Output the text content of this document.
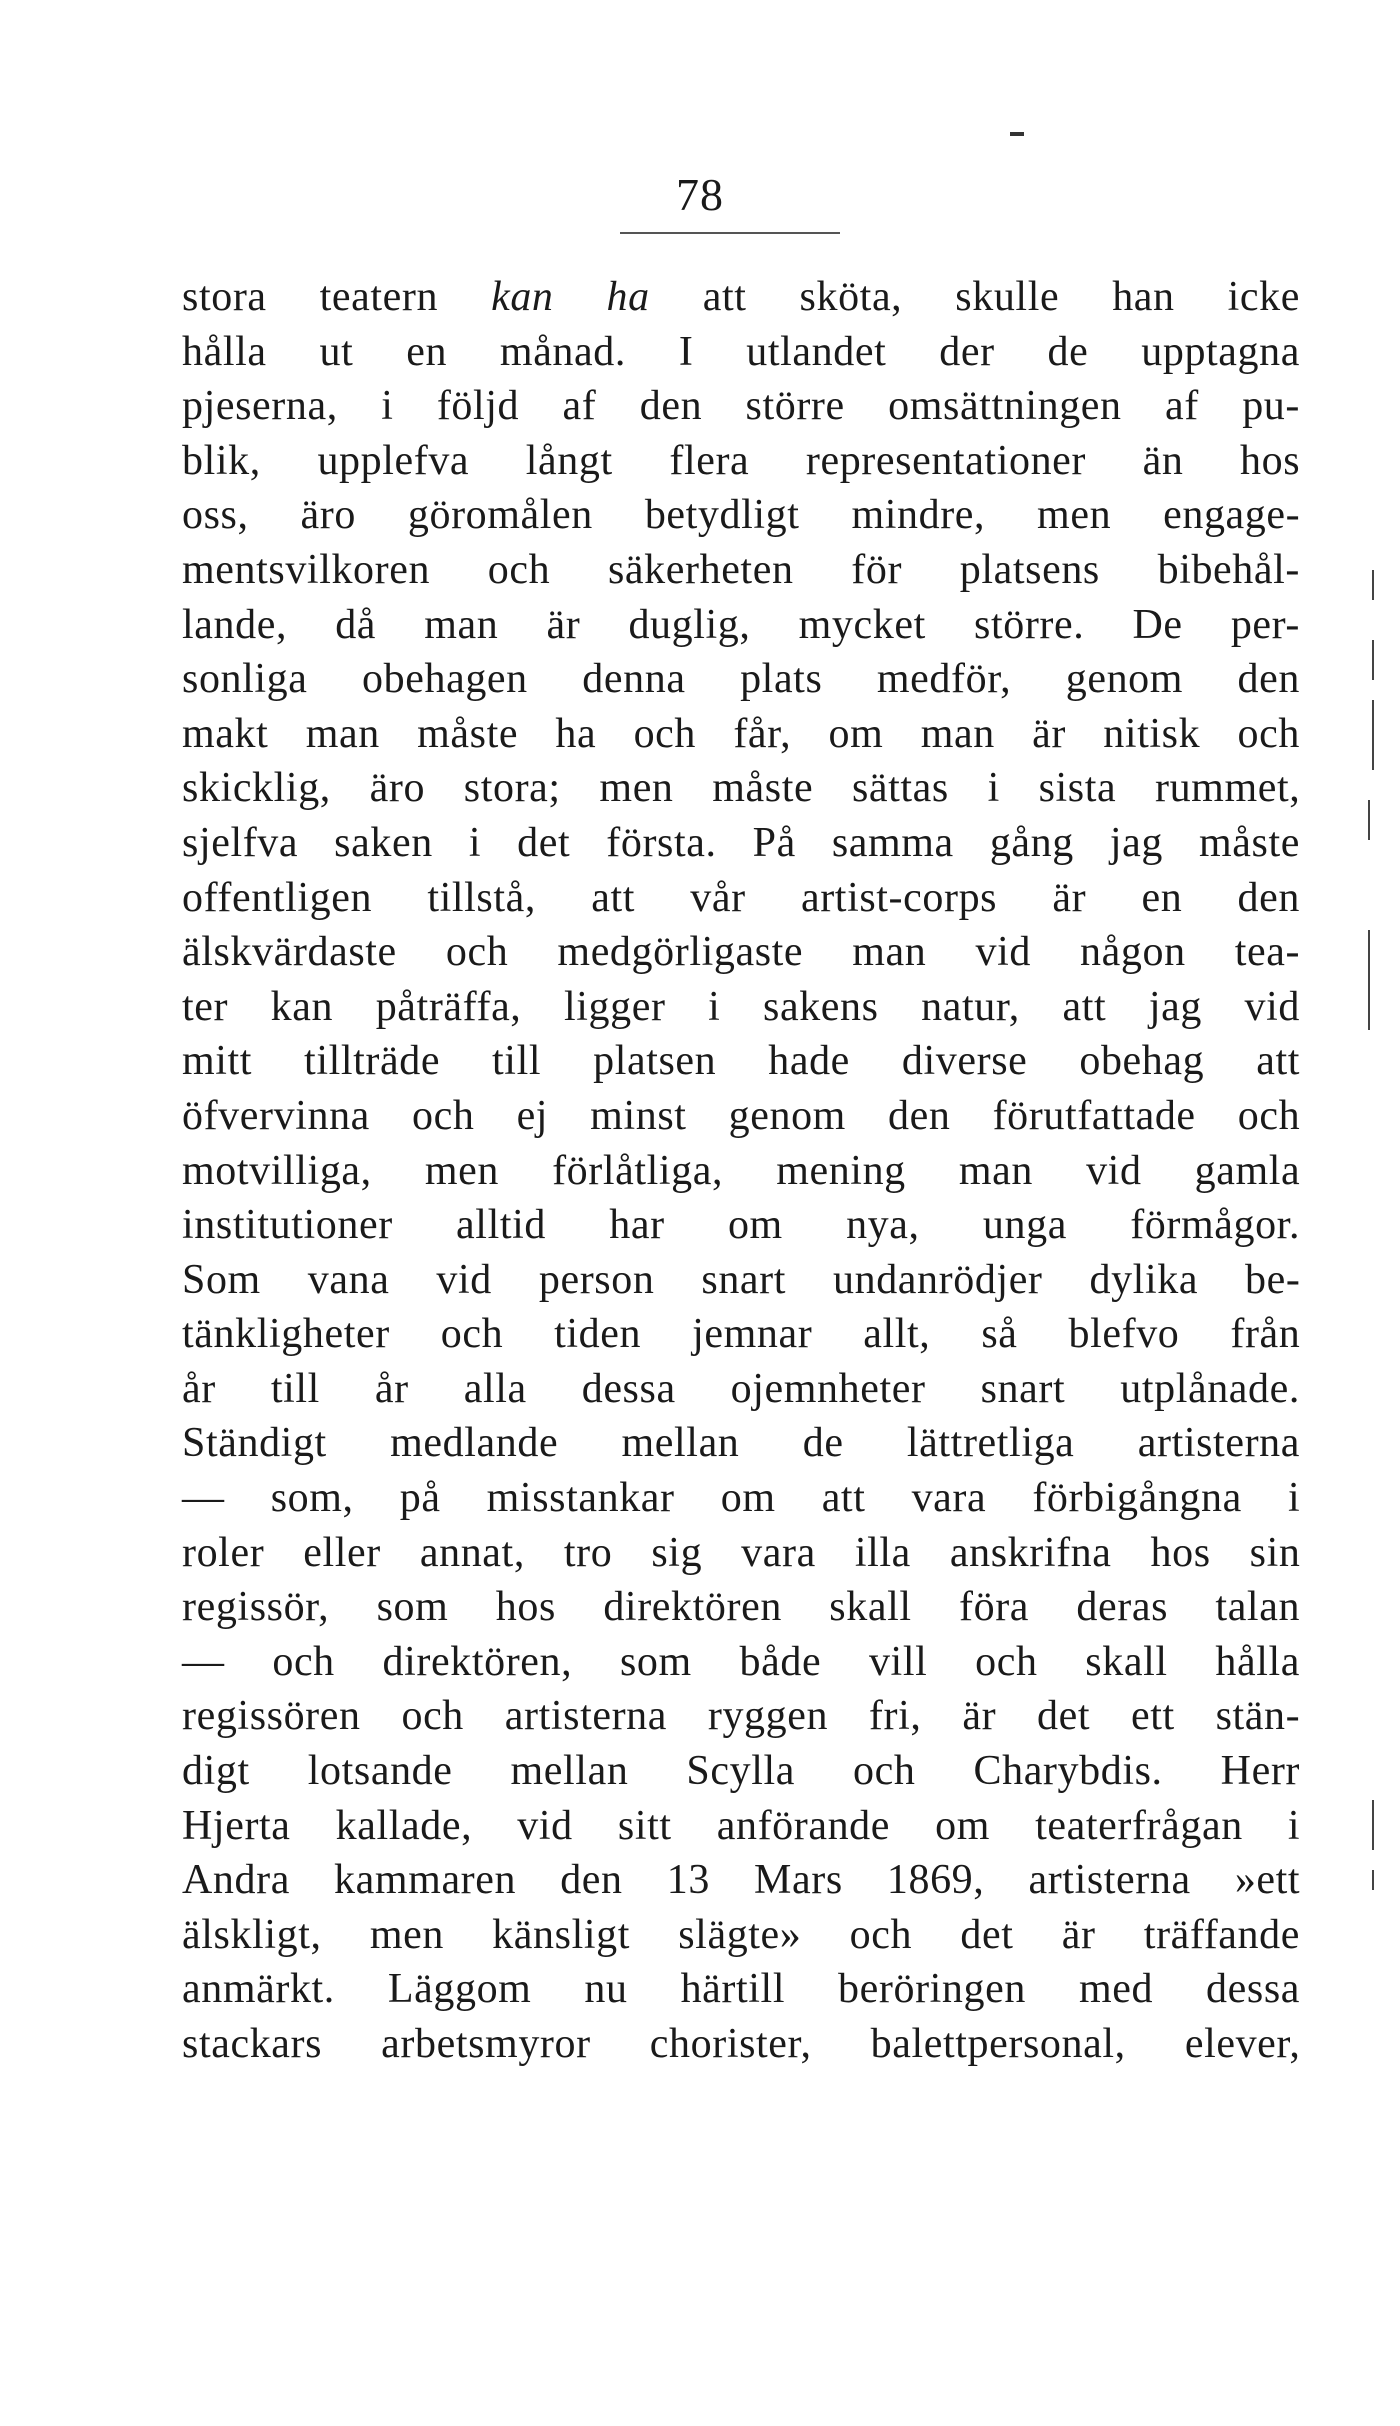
78
stora teatern kan ha att sköta, skulle han icke
hålla ut en månad. I utlandet der de upptagna
pjeserna, i följd af den större omsättningen af pu-
blik, upplefva långt flera representationer än hos
oss, äro göromålen betydligt mindre, men engage-
mentsvilkoren och säkerheten för platsens bibehål-
lande, då man är duglig, mycket större. De per-
sonliga obehagen denna plats medför, genom den
makt man måste ha och får, om man är nitisk och
skicklig, äro stora; men måste sättas i sista rummet,
sjelfva saken i det första. På samma gång jag måste
offentligen tillstå, att vår artist-corps är en den
älskvärdaste och medgörligaste man vid någon tea-
ter kan påträffa, ligger i sakens natur, att jag vid
mitt tillträde till platsen hade diverse obehag att
öfvervinna och ej minst genom den förutfattade och
motvilliga, men förlåtliga, mening man vid gamla
institutioner alltid har om nya, unga förmågor.
Som vana vid person snart undanrödjer dylika be-
tänkligheter och tiden jemnar allt, så blefvo från
år till år alla dessa ojemnheter snart utplånade.
Ständigt medlande mellan de lättretliga artisterna
— som, på misstankar om att vara förbigångna i
roler eller annat, tro sig vara illa anskrifna hos sin
regissör, som hos direktören skall föra deras talan
— och direktören, som både vill och skall hålla
regissören och artisterna ryggen fri, är det ett stän-
digt lotsande mellan Scylla och Charybdis. Herr
Hjerta kallade, vid sitt anförande om teaterfrågan i
Andra kammaren den 13 Mars 1869, artisterna »ett
älskligt, men känsligt slägte» och det är träffande
anmärkt. Läggom nu härtill beröringen med dessa
stackars arbetsmyror chorister, balettpersonal, elever,
